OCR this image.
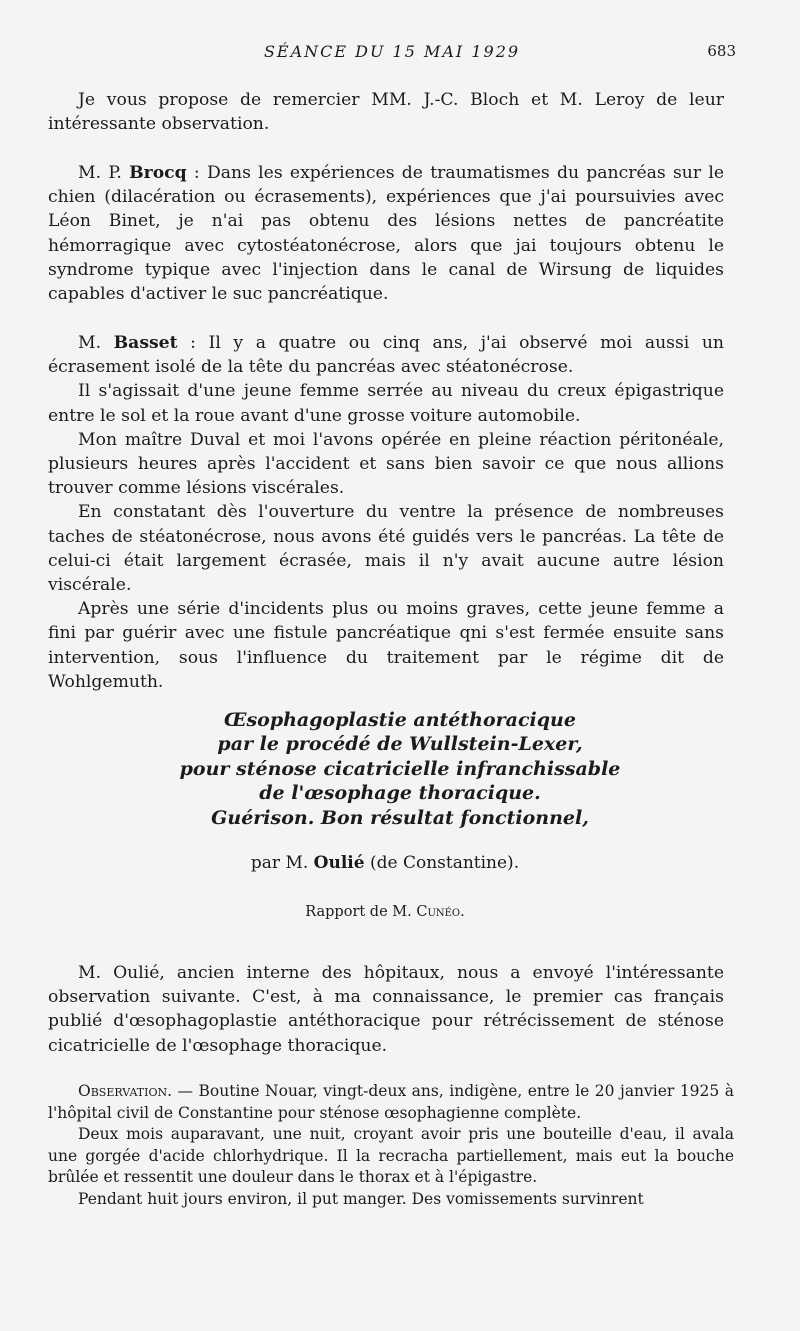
SÉANCE DU 15 MAI 1929	683

Je vous propose de remercier MM. J.-C. Bloch et M. Leroy de leur intéressante observation.

M. P. Brocq : Dans les expériences de traumatismes du pancréas sur le chien (dilacération ou écrasements), expériences que j'ai poursuivies avec Léon Binet, je n'ai pas obtenu des lésions nettes de pancréatite hémorragique avec cytostéatonécrose, alors que jai toujours obtenu le syndrome typique avec l'injection dans le canal de Wirsung de liquides capables d'activer le suc pancréatique.

M. Basset : Il y a quatre ou cinq ans, j'ai observé moi aussi un écrasement isolé de la tête du pancréas avec stéatonécrose.

Il s'agissait d'une jeune femme serrée au niveau du creux épigastrique entre le sol et la roue avant d'une grosse voiture automobile.

Mon maître Duval et moi l'avons opérée en pleine réaction péritonéale, plusieurs heures après l'accident et sans bien savoir ce que nous allions trouver comme lésions viscérales.

En constatant dès l'ouverture du ventre la présence de nombreuses taches de stéatonécrose, nous avons été guidés vers le pancréas. La tête de celui-ci était largement écrasée, mais il n'y avait aucune autre lésion viscérale.

Après une série d'incidents plus ou moins graves, cette jeune femme a fini par guérir avec une fistule pancréatique qni s'est fermée ensuite sans intervention, sous l'influence du traitement par le régime dit de Wohlgemuth.

Œsophagoplastie antéthoracique
par le procédé de Wullstein-Lexer,
pour sténose cicatricielle infranchissable
de l'œsophage thoracique.
Guérison. Bon résultat fonctionnel,
par M. Oulié (de Constantine).
Rapport de M. Cunéo.

M. Oulié, ancien interne des hôpitaux, nous a envoyé l'intéressante observation suivante. C'est, à ma connaissance, le premier cas français publié d'œsophagoplastie antéthoracique pour rétrécissement de sténose cicatricielle de l'œsophage thoracique.

Observation. — Boutine Nouar, vingt-deux ans, indigène, entre le 20 janvier 1925 à l'hôpital civil de Constantine pour sténose œsophagienne complète.

Deux mois auparavant, une nuit, croyant avoir pris une bouteille d'eau, il avala une gorgée d'acide chlorhydrique. Il la recracha partiellement, mais eut la bouche brûlée et ressentit une douleur dans le thorax et à l'épigastre.

Pendant huit jours environ, il put manger. Des vomissements survinrent
